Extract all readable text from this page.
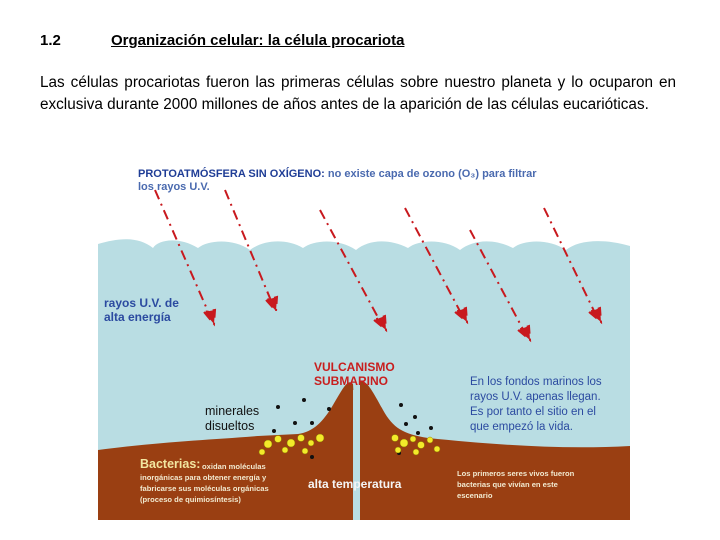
1.2	Organización celular: la célula procariota
Las células procariotas fueron las primeras células sobre nuestro planeta y lo ocuparon en exclusiva durante 2000 millones de años antes de la aparición de las células eucarióticas.
PROTOATMÓSFERA SIN OXÍGENO: no existe capa de ozono (O₃) para filtrar
los rayos U.V.
rayos U.V. de
alta energía
VULCANISMO
SUBMARINO	En los fondos marinos los
rayos U.V. apenas llegan.
Es por tanto el sitio en el
que empezó la vida.
minerales
disueltos
Bacterias: oxidan moléculas
inorgánicas para obtener energía y
fabricarse sus moléculas orgánicas
(proceso de quimiosíntesis)
alta temperatura
Los primeros seres vivos fueron
bacterias que vivían en este
escenario
